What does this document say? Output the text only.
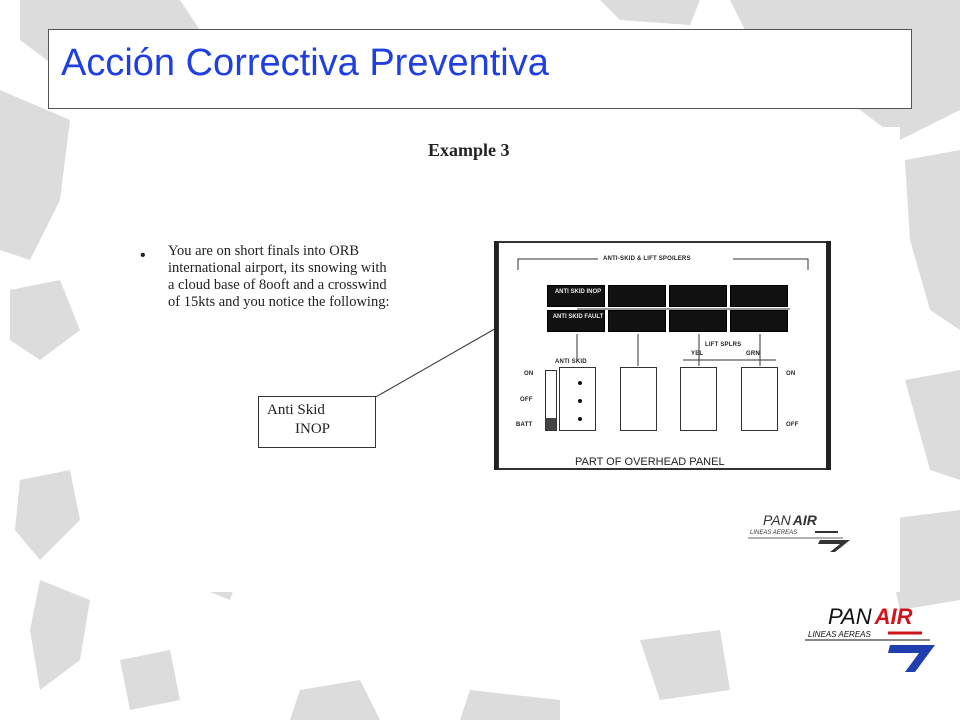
Acción Correctiva Preventiva
Example 3
• You are on short finals into ORB
international airport, its snowing with
a cloud base of 8ooft and a crosswind
of 15kts and you notice the following:
Anti Skid
INOP
ANTI-SKID & LIFT SPOILERS
ANTI SKID INOP
ANTI SKID FAULT
ANTI SKID
LIFT SPLRS
YEL	GRN
ON
OFF
BATT
ON
OFF
PART OF OVERHEAD PANEL
PAN AIR
LINEAS AEREAS
PAN AIR
LINEAS AEREAS
